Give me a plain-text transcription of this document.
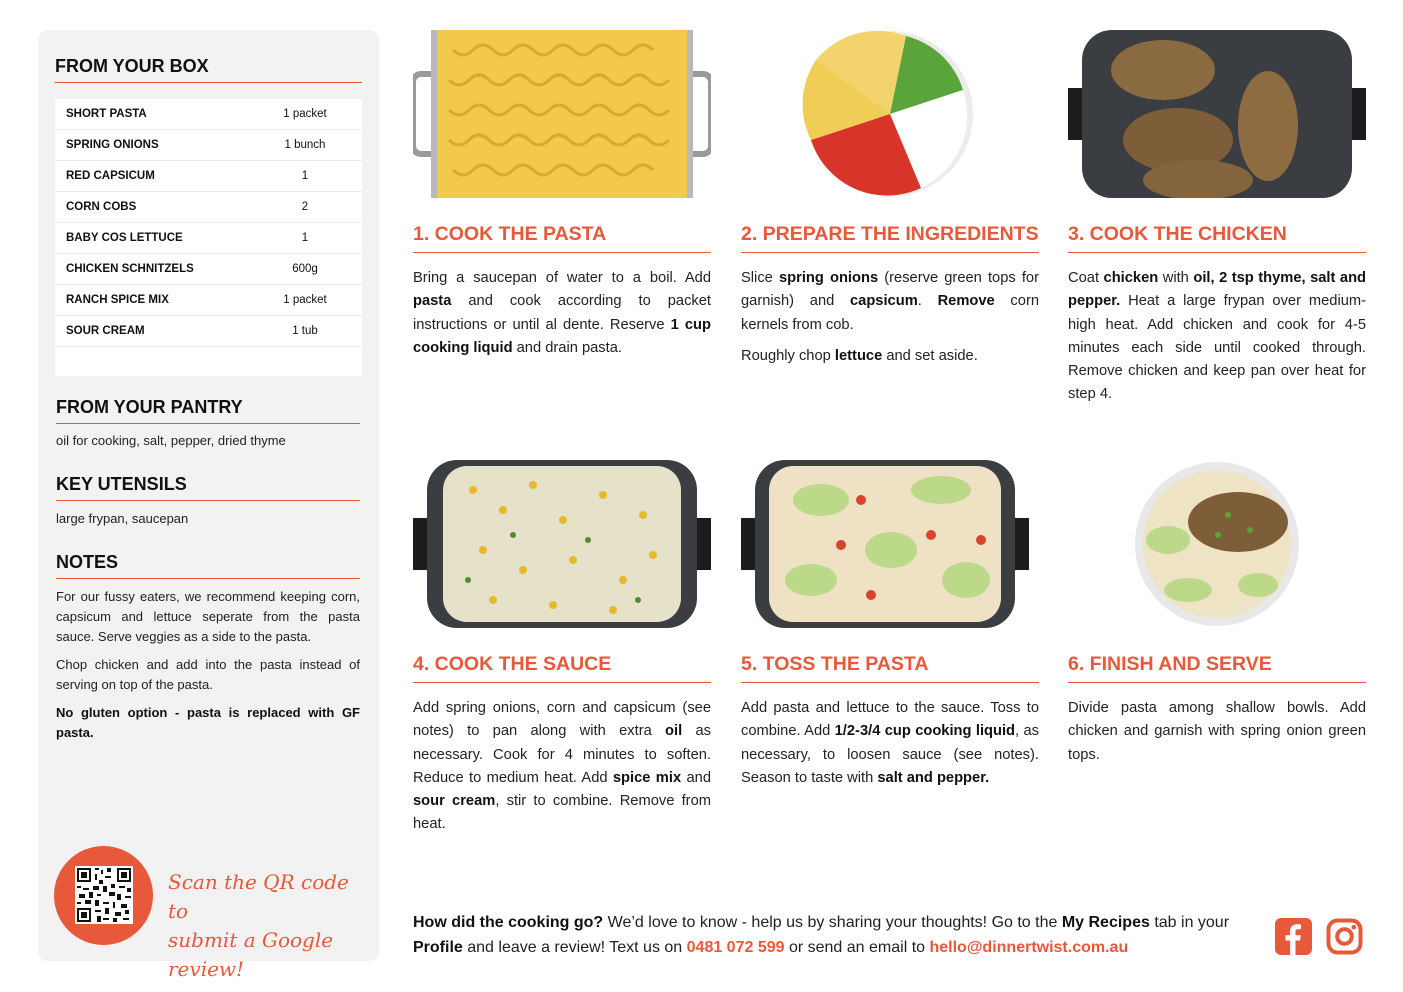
FROM YOUR BOX
SHORT PASTA	1 packet
SPRING ONIONS	1 bunch
RED CAPSICUM	1
CORN COBS	2
BABY COS LETTUCE	1
CHICKEN SCHNITZELS	600g
RANCH SPICE MIX	1 packet
SOUR CREAM	1 tub
FROM YOUR PANTRY
oil for cooking, salt, pepper, dried thyme
KEY UTENSILS
large frypan, saucepan
NOTES

For our fussy eaters, we recommend keeping corn, capsicum and lettuce seperate from the pasta sauce. Serve veggies as a side to the pasta.

Chop chicken and add into the pasta instead of serving on top of the pasta.

No gluten option - pasta is replaced with GF pasta.

Scan the QR code to
submit a Google review!
1. COOK THE PASTA

Bring a saucepan of water to a boil. Add pasta and cook according to packet instructions or until al dente. Reserve 1 cup cooking liquid and drain pasta.

2. PREPARE THE INGREDIENTS

Slice spring onions (reserve green tops for garnish) and capsicum. Remove corn kernels from cob.

Roughly chop lettuce and set aside.

3. COOK THE CHICKEN

Coat chicken with oil, 2 tsp thyme, salt and pepper. Heat a large frypan over medium-high heat. Add chicken and cook for 4-5 minutes each side until cooked through. Remove chicken and keep pan over heat for step 4.

4. COOK THE SAUCE

Add spring onions, corn and capsicum (see notes) to pan along with extra oil as necessary. Cook for 4 minutes to soften. Reduce to medium heat. Add spice mix and sour cream, stir to combine. Remove from heat.

5. TOSS THE PASTA

Add pasta and lettuce to the sauce. Toss to combine. Add 1/2-3/4 cup cooking liquid, as necessary, to loosen sauce (see notes). Season to taste with salt and pepper.

6. FINISH AND SERVE

Divide pasta among shallow bowls. Add chicken and garnish with spring onion green tops.

How did the cooking go? We’d love to know - help us by sharing your thoughts! Go to the My Recipes tab in your Profile and leave a review! Text us on 0481 072 599 or send an email to hello@dinnertwist.com.au
